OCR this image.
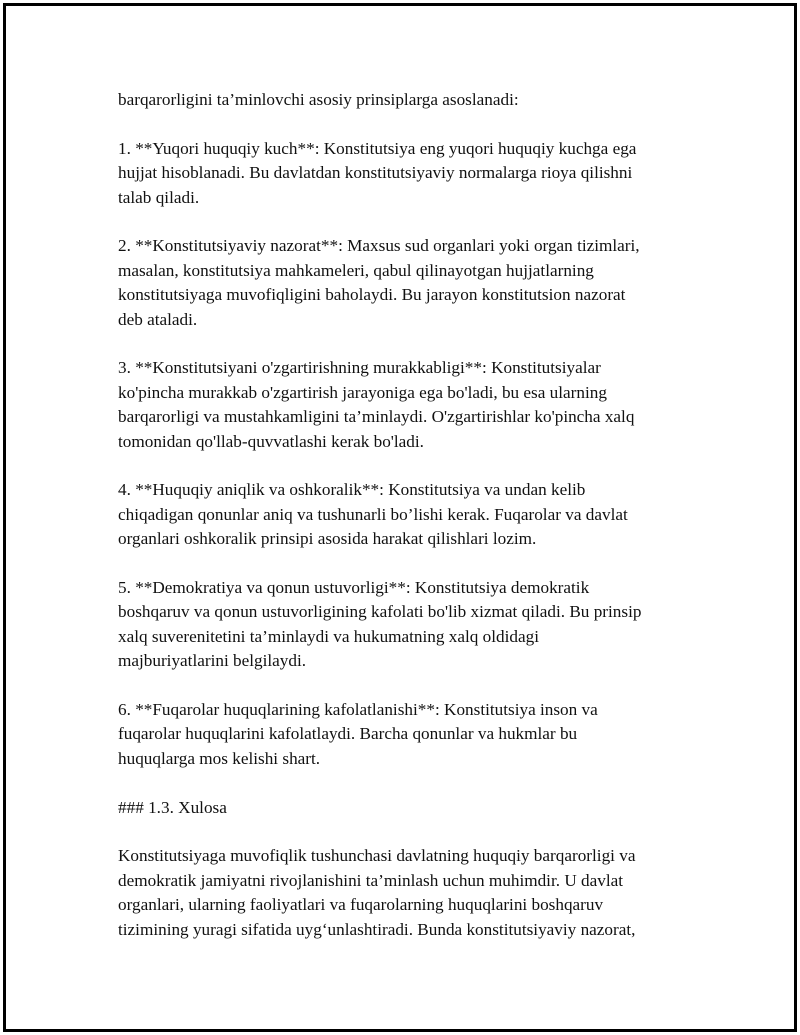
barqarorligini ta’minlovchi asosiy prinsiplarga asoslanadi:

1. **Yuqori huquqiy kuch**: Konstitutsiya eng yuqori huquqiy kuchga ega
hujjat hisoblanadi. Bu davlatdan konstitutsiyaviy normalarga rioya qilishni
talab qiladi.

2. **Konstitutsiyaviy nazorat**: Maxsus sud organlari yoki organ tizimlari,
masalan, konstitutsiya mahkameleri, qabul qilinayotgan hujjatlarning
konstitutsiyaga muvofiqligini baholaydi. Bu jarayon konstitutsion nazorat
deb ataladi.

3. **Konstitutsiyani o'zgartirishning murakkabligi**: Konstitutsiyalar
ko'pincha murakkab o'zgartirish jarayoniga ega bo'ladi, bu esa ularning
barqarorligi va mustahkamligini ta’minlaydi. O'zgartirishlar ko'pincha xalq
tomonidan qo'llab-quvvatlashi kerak bo'ladi.

4. **Huquqiy aniqlik va oshkoralik**: Konstitutsiya va undan kelib
chiqadigan qonunlar aniq va tushunarli bo’lishi kerak. Fuqarolar va davlat
organlari oshkoralik prinsipi asosida harakat qilishlari lozim.

5. **Demokratiya va qonun ustuvorligi**: Konstitutsiya demokratik
boshqaruv va qonun ustuvorligining kafolati bo'lib xizmat qiladi. Bu prinsip
xalq suverenitetini ta’minlaydi va hukumatning xalq oldidagi
majburiyatlarini belgilaydi.

6. **Fuqarolar huquqlarining kafolatlanishi**: Konstitutsiya inson va
fuqarolar huquqlarini kafolatlaydi. Barcha qonunlar va hukmlar bu
huquqlarga mos kelishi shart.

### 1.3. Xulosa

Konstitutsiyaga muvofiqlik tushunchasi davlatning huquqiy barqarorligi va
demokratik jamiyatni rivojlanishini ta’minlash uchun muhimdir. U davlat
organlari, ularning faoliyatlari va fuqarolarning huquqlarini boshqaruv
tizimining yuragi sifatida uyg‘unlashtiradi. Bunda konstitutsiyaviy nazorat,
